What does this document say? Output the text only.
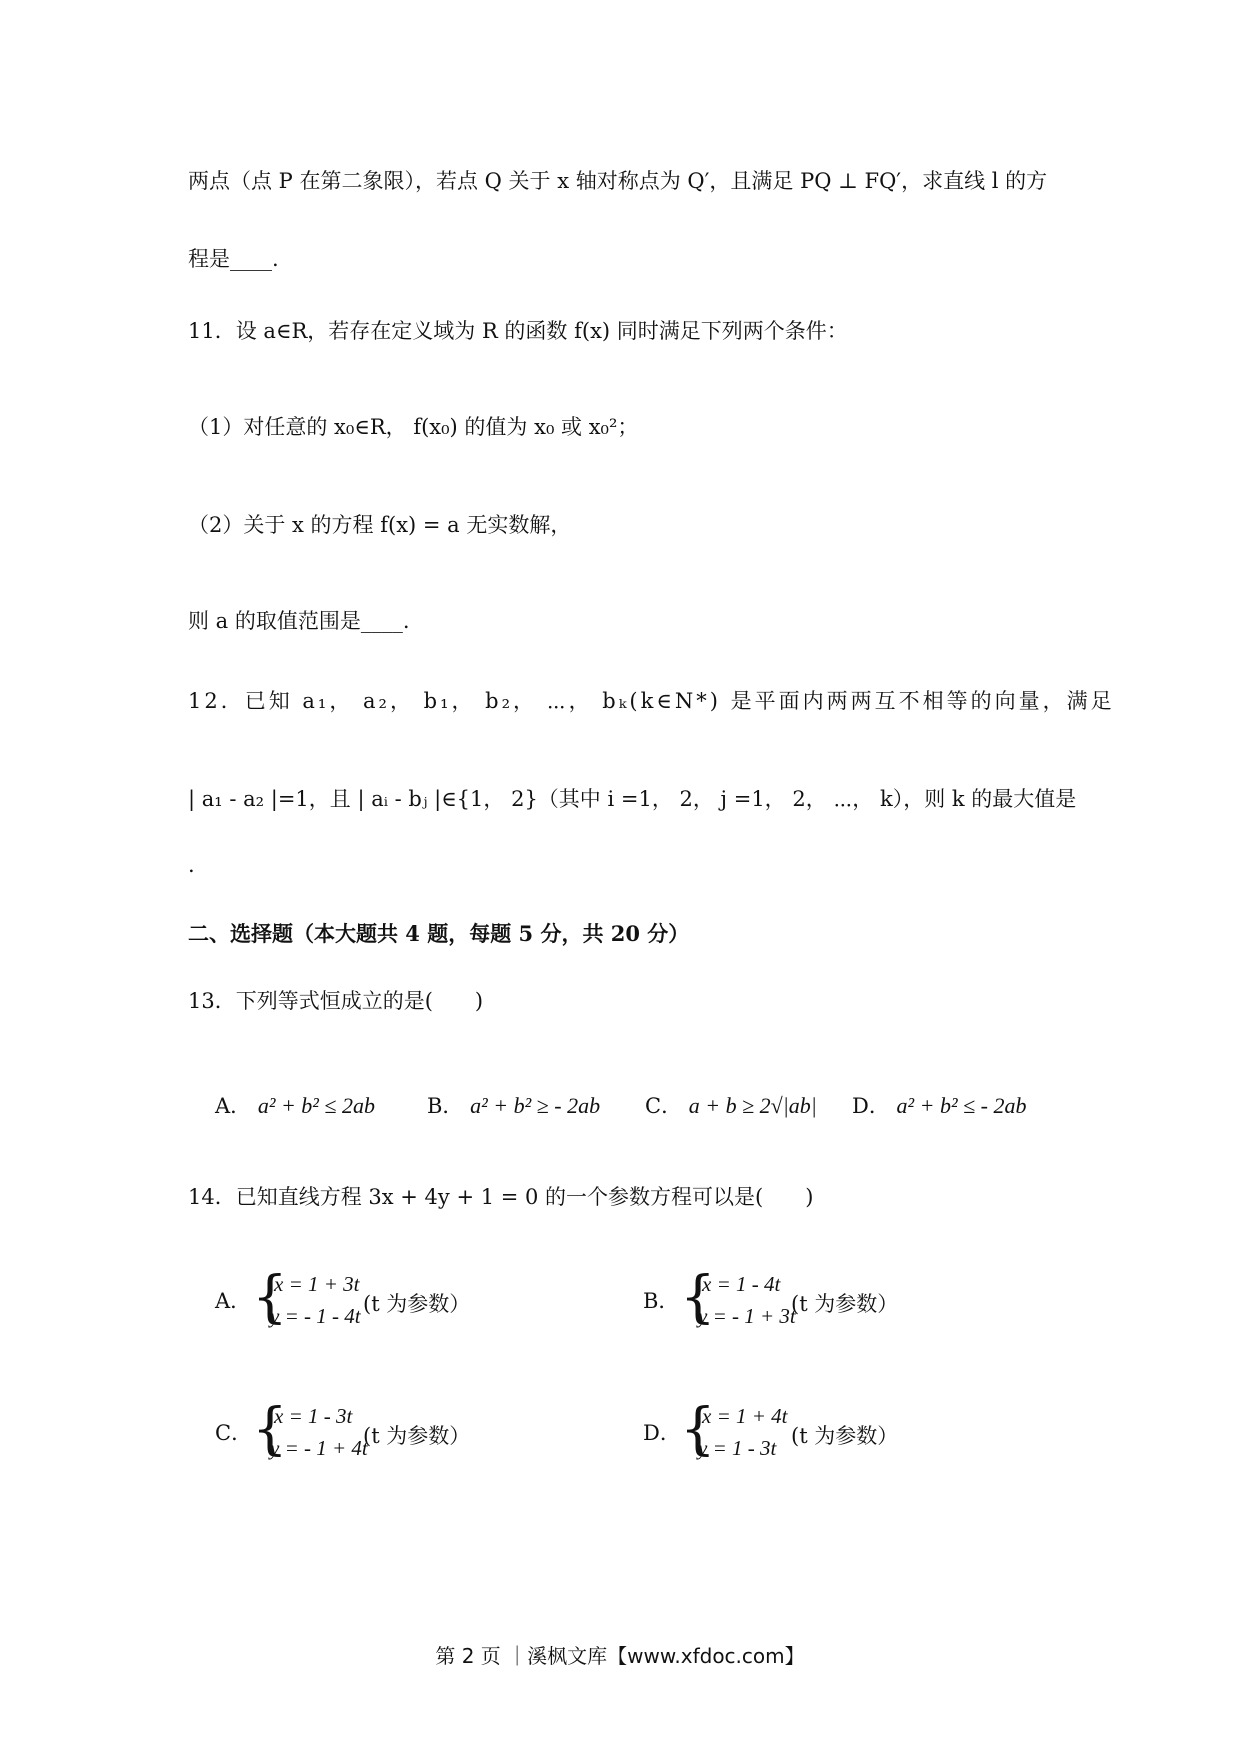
两点（点 P 在第二象限），若点 Q 关于 x 轴对称点为 Q′，且满足 PQ ⊥ FQ′，求直线 l 的方
程是____.
11．设 a∈R，若存在定义域为 R 的函数 f(x) 同时满足下列两个条件：
（1）对任意的 x₀∈R， f(x₀) 的值为 x₀ 或 x₀²；
（2）关于 x 的方程 f(x) = a 无实数解，
则 a 的取值范围是____.
12．已知 a₁， a₂， b₁， b₂， ⋯， bₖ(k∈N*) 是平面内两两互不相等的向量，满足
| a₁ - a₂ |=1，且 | aᵢ - bⱼ |∈{1， 2}（其中 i =1， 2， j =1， 2， ⋯， k），则 k 的最大值是
.
二、选择题（本大题共 4 题，每题 5 分，共 20 分）
13．下列等式恒成立的是(　　)
A． a² + b² ≤ 2ab B． a² + b² ≥ - 2ab C． a + b ≥ 2√|ab| D． a² + b² ≤ - 2ab
14．已知直线方程 3x + 4y + 1 = 0 的一个参数方程可以是(　　)
A． {
x = 1 + 3t
y = - 1 - 4t (t 为参数）	B． {
x = 1 - 4t
y = - 1 + 3t
(t 为参数）
C． {
x = 1 - 3t
y = - 1 + 4t
(t 为参数）	D． {
x = 1 + 4t
y = 1 - 3t (t 为参数）
第 2 页 ｜溪枫文库【www.xfdoc.com】
